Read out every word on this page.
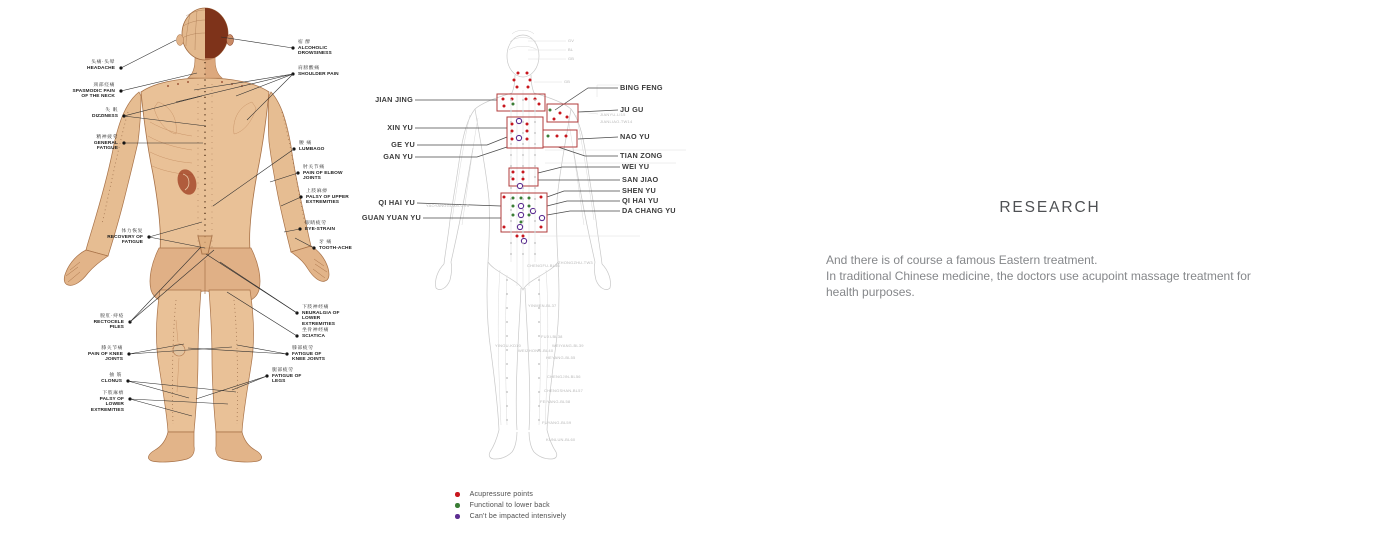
GV
BL
GB
GB
JIANYU-LI15
JIANLIAO-TW14
ZHONGZHU-TW3
CHENGFU-BL36
YINMEN-BL37
FUXI-BL38
WEIYANG-BL39
YINGU-KD10
WEIZHONG-BL40
HEYANG-BL55
CHENGJIN-BL56
CHENGSHAN-BL57
FEIYANG-BL58
FUYANG-BL59
KUNLUN-BL60
YAOYANGGUAN-GV3
头痛·头晕
HEADACHE
颈部痉痛
SPASMODIC PAIN OF THE NECK
失 眠
DIZZINESS
精神疲劳
GENERAL FATIGUE
体力恢复
RECOVERY OF FATIGUE
脱肛·痔疮
RECTOCELE PILES
膝关节痛
PAIN OF KNEE JOINTS
抽 筋
CLONUS
下肢麻痹
PALSY OF LOWER EXTREMITIES
宿 醉
ALCOHOLIC DROWSINESS
肩膀酸痛
SHOULDER PAIN
腰 痛
LUMBAGO
肘关节痛
PAIN OF ELBOW JOINTS
上肢麻痹
PALSY OF UPPER EXTREMITIES
眼睛疲劳
EYE-STRAIN
牙 痛
TOOTH-ACHE
下肢神经痛
NEURALGIA OF LOWER EXTREMITIES
坐骨神经痛
SCIATICA
膝部疲劳
FATIGUE OF KNEE JOINTS
腿部疲劳
FATIGUE OF LEGS
JIAN JING
XIN YU
GE YU
GAN YU
QI HAI YU
GUAN YUAN YU
BING FENG
JU GU
NAO YU
TIAN ZONG
WEI YU
SAN JIAO
SHEN YU
QI HAI YU
DA CHANG YU
Acupressure points
Functional to lower back
Can't be impacted intensively
RESEARCH
And there is of course a famous Eastern treatment.
In traditional Chinese medicine, the doctors use acupoint massage treatment for
health purposes.
